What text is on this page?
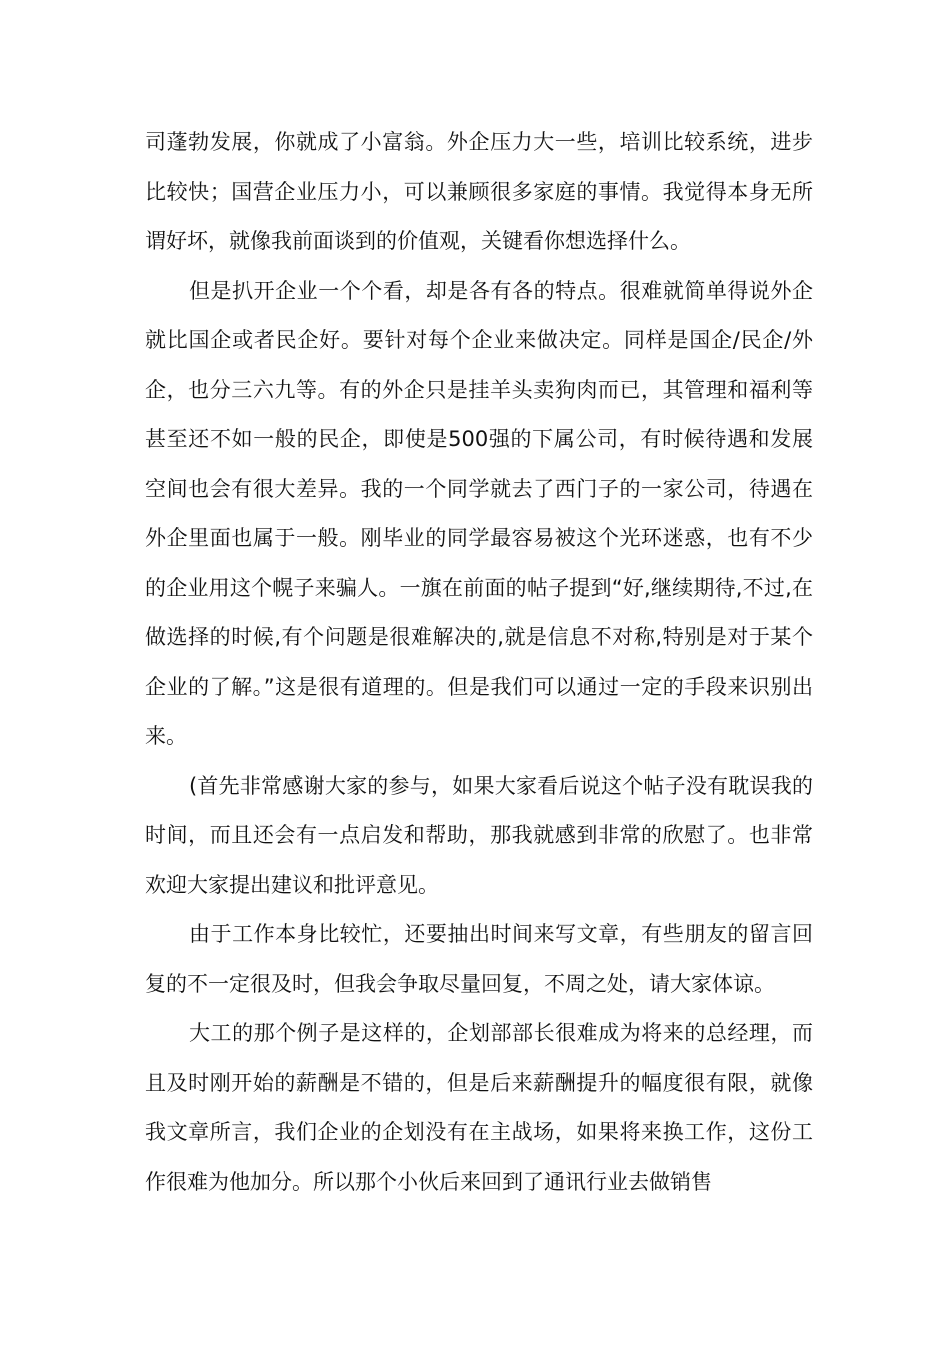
司蓬勃发展，你就成了小富翁。外企压力大一些，培训比较系统，进步比较快；国营企业压力小，可以兼顾很多家庭的事情。我觉得本身无所谓好坏，就像我前面谈到的价值观，关键看你想选择什么。

但是扒开企业一个个看，却是各有各的特点。很难就简单得说外企就比国企或者民企好。要针对每个企业来做决定。同样是国企/民企/外企，也分三六九等。有的外企只是挂羊头卖狗肉而已，其管理和福利等甚至还不如一般的民企，即使是500强的下属公司，有时候待遇和发展空间也会有很大差异。我的一个同学就去了西门子的一家公司，待遇在外企里面也属于一般。刚毕业的同学最容易被这个光环迷惑，也有不少的企业用这个幌子来骗人。一旗在前面的帖子提到“好,继续期待,不过,在做选择的时候,有个问题是很难解决的,就是信息不对称,特别是对于某个企业的了解。”这是很有道理的。但是我们可以通过一定的手段来识别出来。

(首先非常感谢大家的参与，如果大家看后说这个帖子没有耽误我的时间，而且还会有一点启发和帮助，那我就感到非常的欣慰了。也非常欢迎大家提出建议和批评意见。

由于工作本身比较忙，还要抽出时间来写文章，有些朋友的留言回复的不一定很及时，但我会争取尽量回复，不周之处，请大家体谅。

大工的那个例子是这样的，企划部部长很难成为将来的总经理，而且及时刚开始的薪酬是不错的，但是后来薪酬提升的幅度很有限，就像我文章所言，我们企业的企划没有在主战场，如果将来换工作，这份工作很难为他加分。所以那个小伙后来回到了通讯行业去做销售
